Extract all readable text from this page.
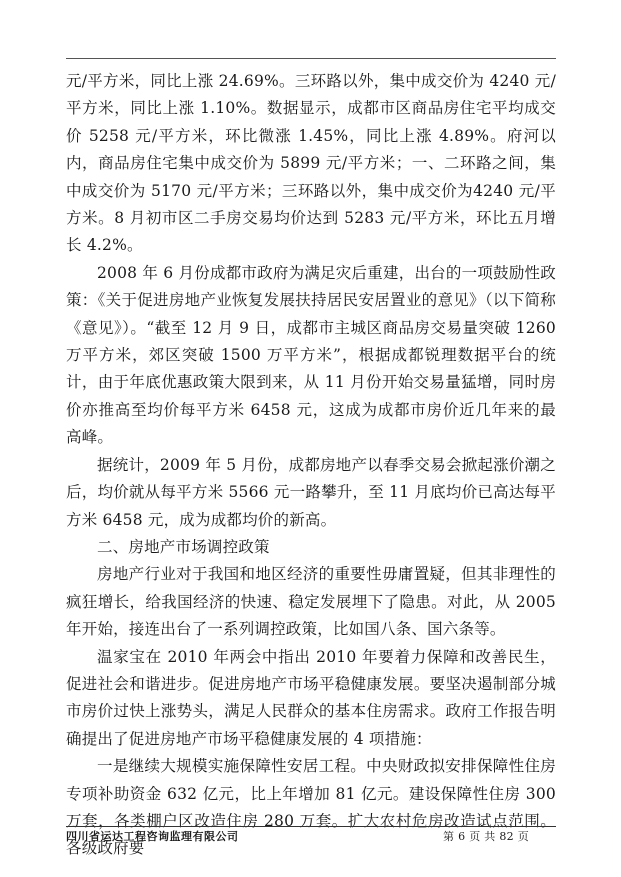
元/平方米，同比上涨 24.69%。三环路以外，集中成交价为 4240 元/平方米，同比上涨 1.10%。数据显示，成都市区商品房住宅平均成交价 5258 元/平方米，环比微涨 1.45%，同比上涨 4.89%。府河以内，商品房住宅集中成交价为 5899 元/平方米；一、二环路之间，集中成交价为 5170 元/平方米；三环路以外，集中成交价为4240 元/平方米。8 月初市区二手房交易均价达到 5283 元/平方米，环比五月增长 4.2%。

2008 年 6 月份成都市政府为满足灾后重建，出台的一项鼓励性政策：《关于促进房地产业恢复发展扶持居民安居置业的意见》（以下简称《意见》）。“截至 12 月 9 日，成都市主城区商品房交易量突破 1260 万平方米，郊区突破 1500 万平方米”，根据成都锐理数据平台的统计，由于年底优惠政策大限到来，从 11 月份开始交易量猛增，同时房价亦推高至均价每平方米 6458 元，这成为成都市房价近几年来的最高峰。

据统计，2009 年 5 月份，成都房地产以春季交易会掀起涨价潮之后，均价就从每平方米 5566 元一路攀升，至 11 月底均价已高达每平方米 6458 元，成为成都均价的新高。

二、房地产市场调控政策

房地产行业对于我国和地区经济的重要性毋庸置疑，但其非理性的疯狂增长，给我国经济的快速、稳定发展埋下了隐患。对此，从 2005 年开始，接连出台了一系列调控政策，比如国八条、国六条等。

温家宝在 2010 年两会中指出 2010 年要着力保障和改善民生，促进社会和谐进步。促进房地产市场平稳健康发展。要坚决遏制部分城市房价过快上涨势头，满足人民群众的基本住房需求。政府工作报告明确提出了促进房地产市场平稳健康发展的 4 项措施：

一是继续大规模实施保障性安居工程。中央财政拟安排保障性住房专项补助资金 632 亿元，比上年增加 81 亿元。建设保障性住房 300 万套，各类棚户区改造住房 280 万套。扩大农村危房改造试点范围。各级政府要

四川省运达工程咨询监理有限公司	第 6 页 共 82 页
